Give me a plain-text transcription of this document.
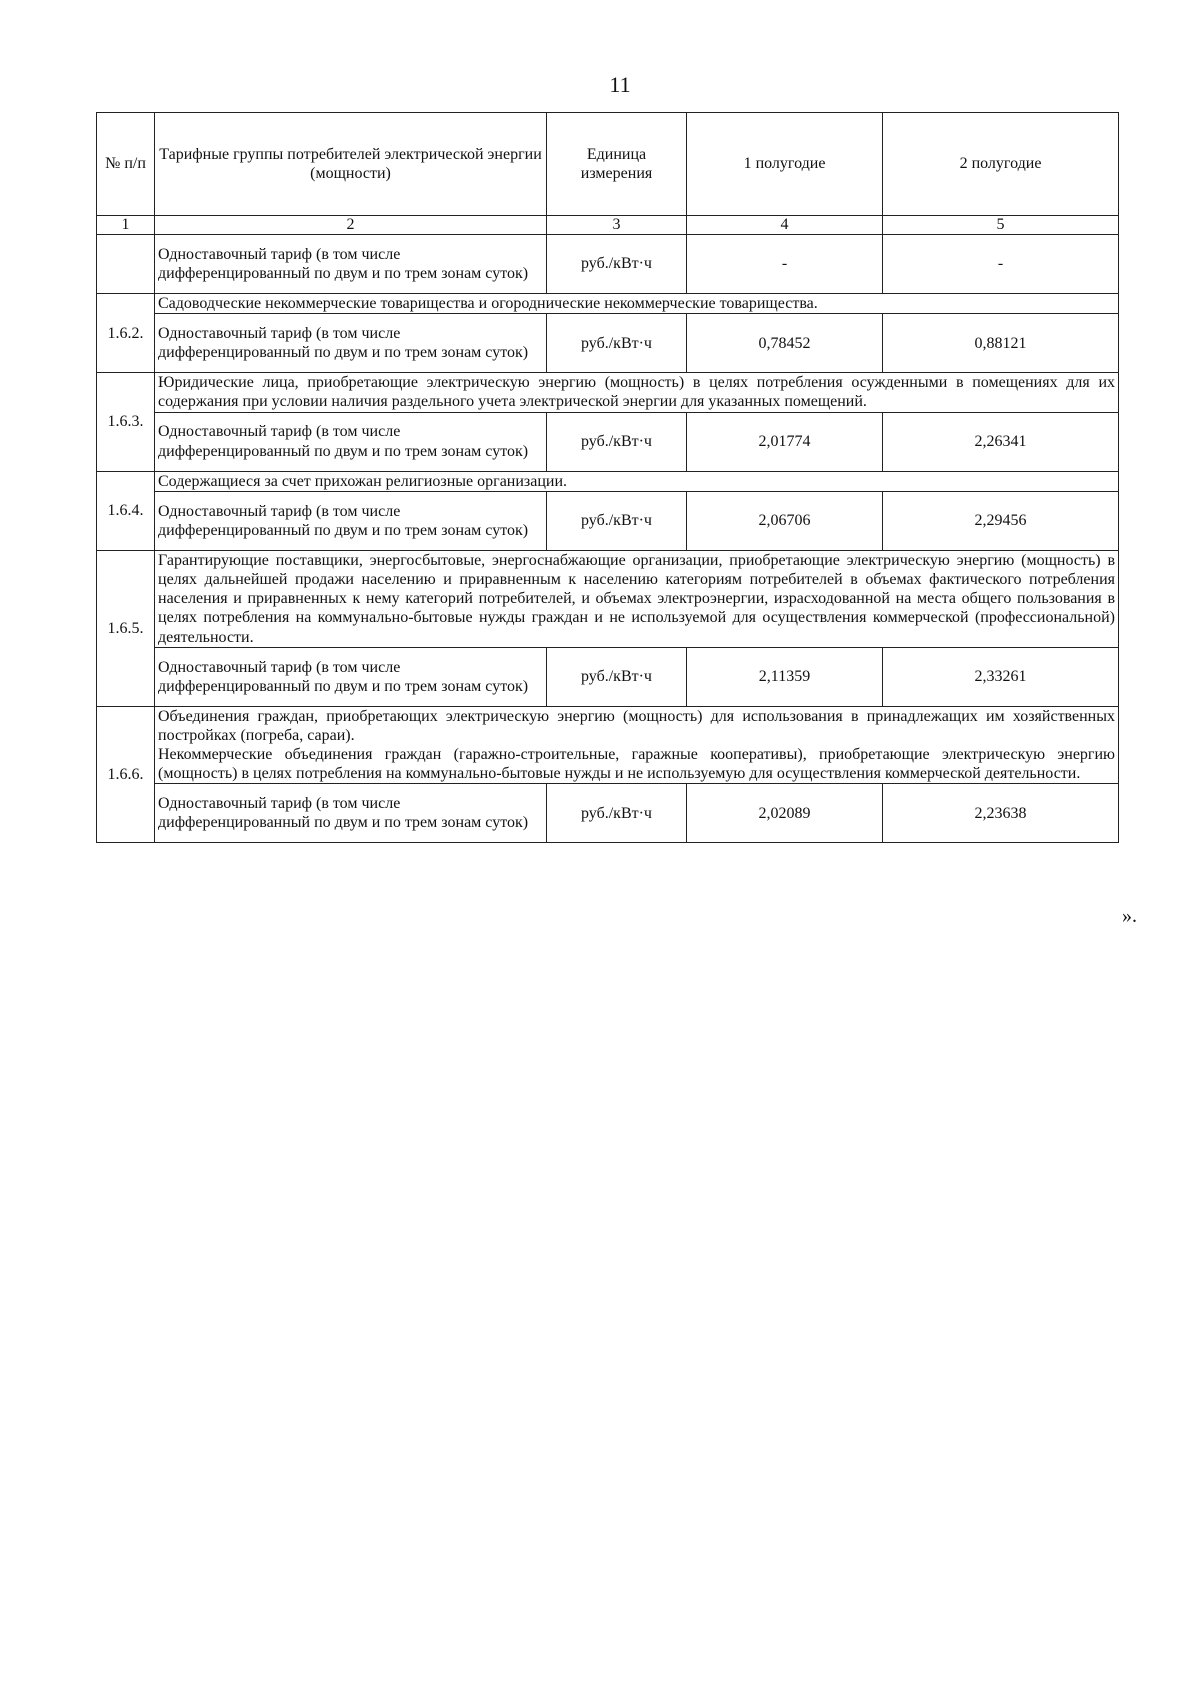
11
№ п/п	Тарифные группы потребителей электрической энергии (мощности)	Единица измерения	1 полугодие	2 полугодие
1	2	3	4	5
	Одноставочный тариф (в том числе дифференцированный по двум и по трем зонам суток)	руб./кВт·ч	-	-
1.6.2.	Садоводческие некоммерческие товарищества и огороднические некоммерческие товарищества.			
	Одноставочный тариф (в том числе дифференцированный по двум и по трем зонам суток)	руб./кВт·ч	0,78452	0,88121
1.6.3.	Юридические лица, приобретающие электрическую энергию (мощность) в целях потребления осужденными в помещениях для их содержания при условии наличия раздельного учета электрической энергии для указанных помещений.			
	Одноставочный тариф (в том числе дифференцированный по двум и по трем зонам суток)	руб./кВт·ч	2,01774	2,26341
1.6.4.	Содержащиеся за счет прихожан религиозные организации.			
	Одноставочный тариф (в том числе дифференцированный по двум и по трем зонам суток)	руб./кВт·ч	2,06706	2,29456
1.6.5.	Гарантирующие поставщики, энергосбытовые, энергоснабжающие организации, приобретающие электрическую энергию (мощность) в целях дальнейшей продажи населению и приравненным к населению категориям потребителей в объемах фактического потребления населения и приравненных к нему категорий потребителей, и объемах электроэнергии, израсходованной на места общего пользования в целях потребления на коммунально-бытовые нужды граждан и не используемой для осуществления коммерческой (профессиональной) деятельности.			
	Одноставочный тариф (в том числе дифференцированный по двум и по трем зонам суток)	руб./кВт·ч	2,11359	2,33261
1.6.6.	Объединения граждан, приобретающих электрическую энергию (мощность) для использования в принадлежащих им хозяйственных постройках (погреба, сараи).
Некоммерческие объединения граждан (гаражно-строительные, гаражные кооперативы), приобретающие электрическую энергию (мощность) в целях потребления на коммунально-бытовые нужды и не используемую для осуществления коммерческой деятельности.			

	Одноставочный тариф (в том числе дифференцированный по двум и по трем зонам суток)	руб./кВт·ч	2,02089	2,23638
».
